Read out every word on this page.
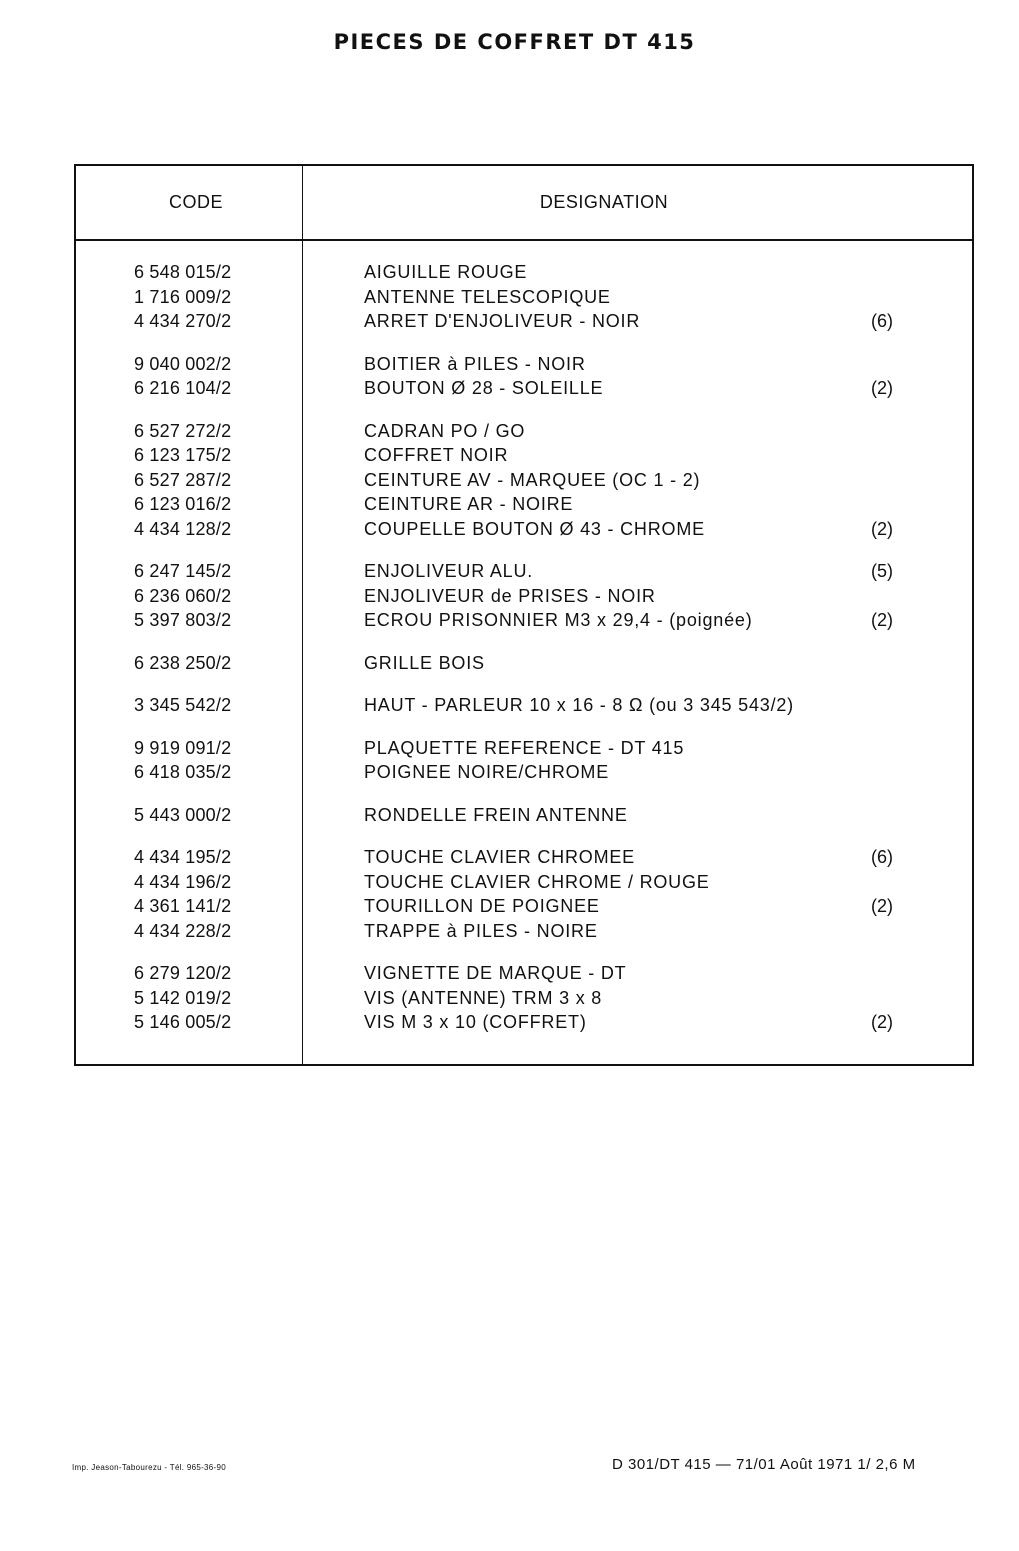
PIECES DE COFFRET DT 415
CODE	DESIGNATION
6 548 015/2	AIGUILLE ROUGE
1 716 009/2	ANTENNE TELESCOPIQUE
4 434 270/2	ARRET D'ENJOLIVEUR - NOIR	(6)
9 040 002/2	BOITIER à PILES - NOIR
6 216 104/2	BOUTON Ø 28 - SOLEILLE	(2)
6 527 272/2	CADRAN PO / GO
6 123 175/2	COFFRET NOIR
6 527 287/2	CEINTURE AV - MARQUEE (OC 1 - 2)
6 123 016/2	CEINTURE AR - NOIRE
4 434 128/2	COUPELLE BOUTON Ø 43 - CHROME	(2)
6 247 145/2	ENJOLIVEUR ALU.	(5)
6 236 060/2	ENJOLIVEUR de PRISES - NOIR
5 397 803/2	ECROU PRISONNIER M3 x 29,4 - (poignée)	(2)
6 238 250/2	GRILLE BOIS
3 345 542/2	HAUT - PARLEUR 10 x 16 - 8 Ω (ou 3 345 543/2)
9 919 091/2	PLAQUETTE REFERENCE - DT 415
6 418 035/2	POIGNEE NOIRE/CHROME
5 443 000/2	RONDELLE FREIN ANTENNE
4 434 195/2	TOUCHE CLAVIER CHROMEE	(6)
4 434 196/2	TOUCHE CLAVIER CHROME / ROUGE
4 361 141/2	TOURILLON DE POIGNEE	(2)
4 434 228/2	TRAPPE à PILES - NOIRE
6 279 120/2	VIGNETTE DE MARQUE - DT
5 142 019/2	VIS (ANTENNE) TRM 3 x 8
5 146 005/2	VIS M 3 x 10 (COFFRET)	(2)
Imp. Jeason-Tabourezu - Tél. 965-36-90	D 301/DT 415 — 71/01 Août 1971 1/ 2,6 M
